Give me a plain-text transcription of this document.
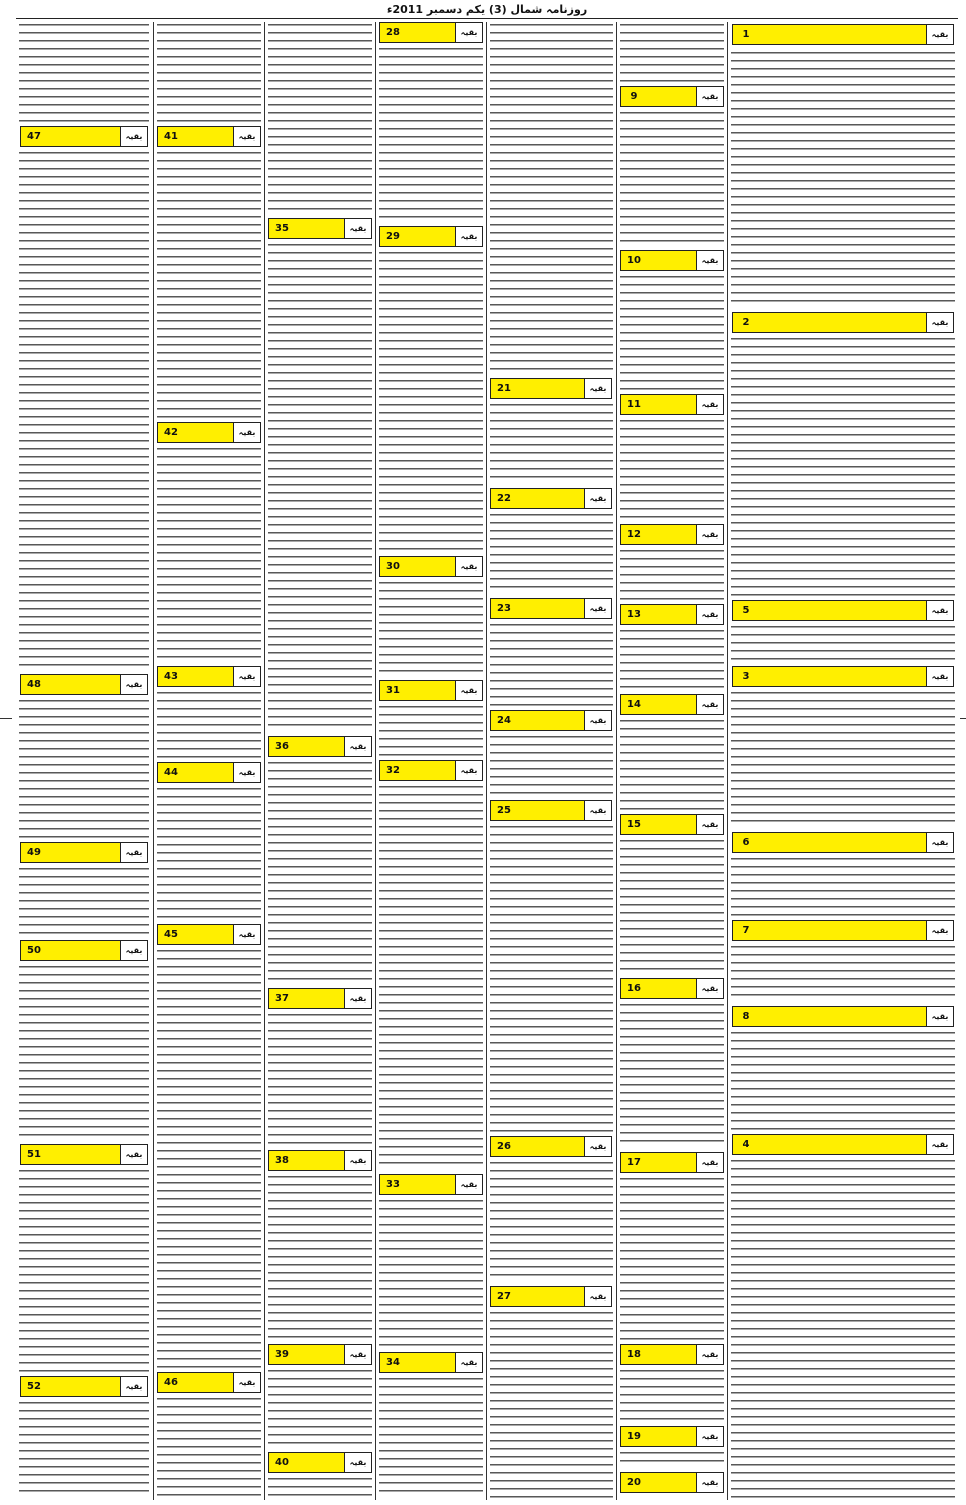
روزنامہ شمال (3) یکم دسمبر 2011ء
47	بقیہ
48	بقیہ
49	بقیہ
50	بقیہ
51	بقیہ
52	بقیہ
41	بقیہ
42	بقیہ
43	بقیہ
44	بقیہ
45	بقیہ
46	بقیہ
35	بقیہ
36	بقیہ
37	بقیہ
38	بقیہ
39	بقیہ
40	بقیہ
28	بقیہ
29	بقیہ
30	بقیہ
31	بقیہ
32	بقیہ
33	بقیہ
34	بقیہ
21	بقیہ
22	بقیہ
23	بقیہ
24	بقیہ
25	بقیہ
26	بقیہ
27	بقیہ
9	بقیہ
10	بقیہ
11	بقیہ
12	بقیہ
13	بقیہ
14	بقیہ
15	بقیہ
16	بقیہ
17	بقیہ
18	بقیہ
19	بقیہ
20	بقیہ
1	بقیہ
2	بقیہ
5	بقیہ
3	بقیہ
6	بقیہ
7	بقیہ
8	بقیہ
4	بقیہ
